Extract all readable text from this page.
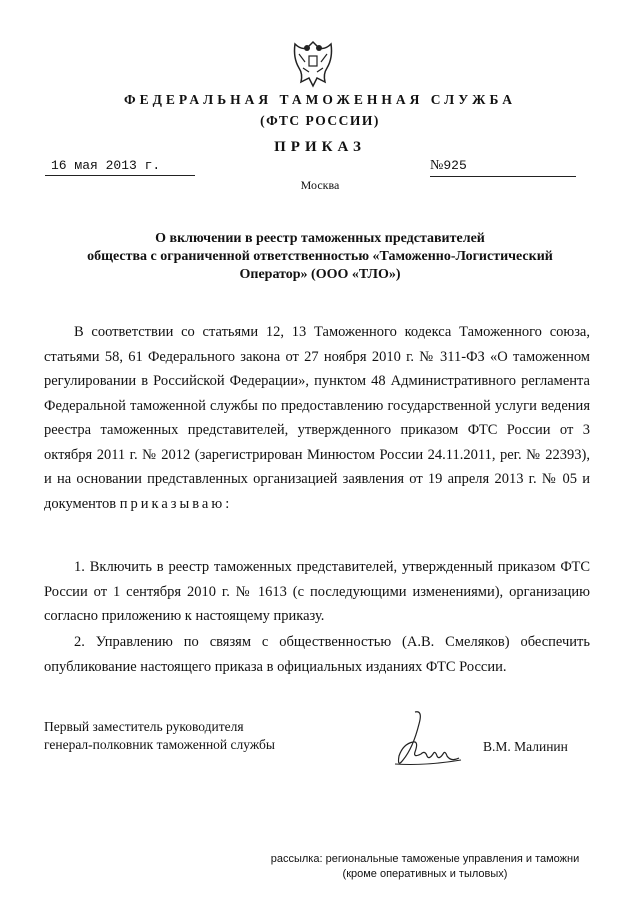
ФЕДЕРАЛЬНАЯ ТАМОЖЕННАЯ СЛУЖБА
(ФТС РОССИИ)
ПРИКАЗ
16 мая 2013 г.	№925
Москва
О включении в реестр таможенных представителей
общества с ограниченной ответственностью «Таможенно-Логистический
Оператор» (ООО «ТЛО»)

В соответствии со статьями 12, 13 Таможенного кодекса Таможенного союза, статьями 58, 61 Федерального закона от 27 ноября 2010 г. № 311-ФЗ «О таможенном регулировании в Российской Федерации», пунктом 48 Административного регламента Федеральной таможенной службы по предоставлению государственной услуги ведения реестра таможенных представителей, утвержденного приказом ФТС России от 3 октября 2011 г. № 2012 (зарегистрирован Минюстом России 24.11.2011, рег. № 22393), и на основании представленных организацией заявления от 19 апреля 2013 г. № 05 и документов приказываю:

1. Включить в реестр таможенных представителей, утвержденный приказом ФТС России от 1 сентября 2010 г. № 1613 (с последующими изменениями), организацию согласно приложению к настоящему приказу.

2. Управлению по связям с общественностью (А.В. Смеляков) обеспечить опубликование настоящего приказа в официальных изданиях ФТС России.

Первый заместитель руководителя
генерал-полковник таможенной службы	В.М. Малинин
рассылка: региональные таможеные управления и таможни
(кроме оперативных и тыловых)
